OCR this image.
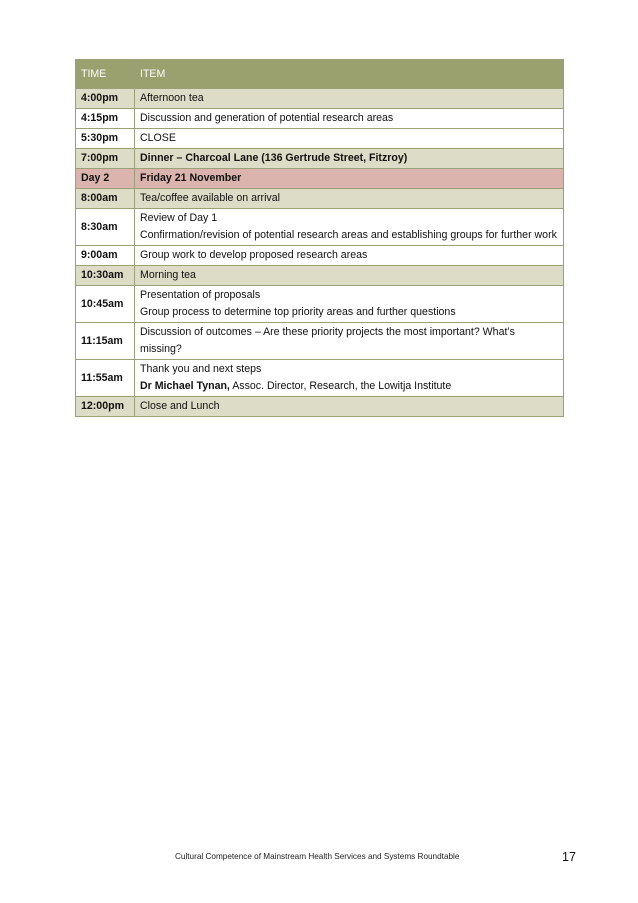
TIME	ITEM
4:00pm	Afternoon tea

4:15pm	Discussion and generation of potential research areas

5:30pm	CLOSE

7:00pm	Dinner – Charcoal Lane (136 Gertrude Street, Fitzroy)

Day 2	Friday 21 November

8:00am	Tea/coffee available on arrival

8:30am	Review of Day 1
Confirmation/revision of potential research areas and establishing groups for further work

9:00am	Group work to develop proposed research areas

10:30am	Morning tea

10:45am	Presentation of proposals
Group process to determine top priority areas and further questions

11:15am	Discussion of outcomes – Are these priority projects the most important? What’s missing?

11:55am	Thank you and next steps
Dr Michael Tynan, Assoc. Director, Research, the Lowitja Institute

12:00pm	Close and Lunch
Cultural Competence of Mainstream Health Services and Systems Roundtable	17
